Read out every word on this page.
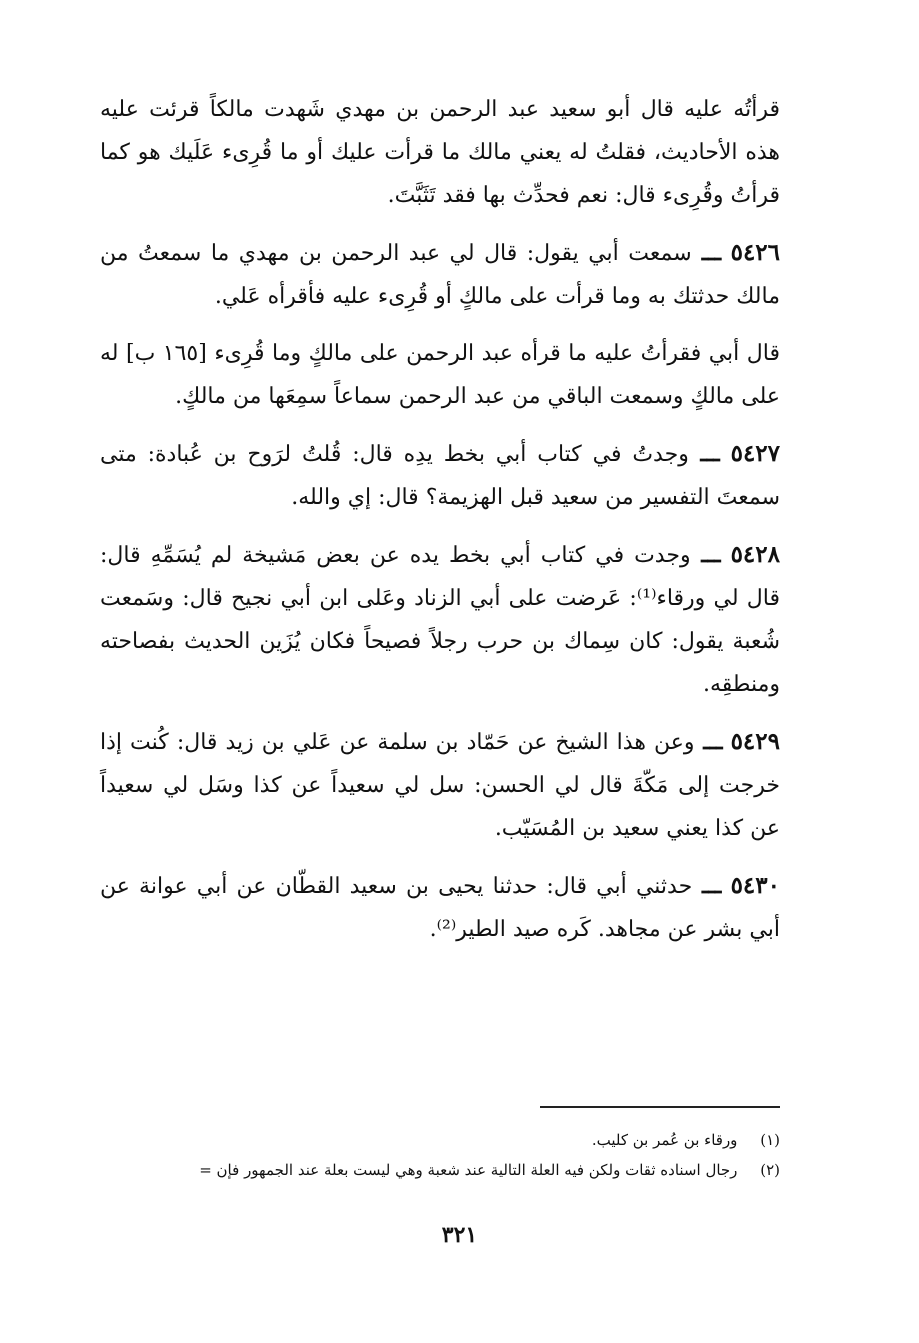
قرأتُه عليه قال أبو سعيد عبد الرحمن بن مهدي شَهدت مالكاً قرئت عليه هذه الأحاديث، فقلتُ له يعني مالك ما قرأت عليك أو ما قُرِىء عَلَيك هو كما قرأتُ وقُرِىء قال: نعم فحدِّث بها فقد تَثَبَّتَ.

٥٤٢٦ ـــ سمعت أبي يقول: قال لي عبد الرحمن بن مهدي ما سمعتُ من مالك حدثتك به وما قرأت على مالكٍ أو قُرِىء عليه فأقرأه عَلي.

قال أبي فقرأتُ عليه ما قرأه عبد الرحمن على مالكٍ وما قُرِىء [١٦٥ ب] له على مالكٍ وسمعت الباقي من عبد الرحمن سماعاً سمِعَها من مالكٍ.

٥٤٢٧ ـــ وجدتُ في كتاب أبي بخط يدِه قال: قُلتُ لرَوح بن عُبادة: متى سمعتَ التفسير من سعيد قبل الهزيمة؟ قال: إي والله.

٥٤٢٨ ـــ وجدت في كتاب أبي بخط يده عن بعض مَشيخة لم يُسَمِّهِ قال: قال لي ورقاء⁽¹⁾: عَرضت على أبي الزناد وعَلى ابن أبي نجيح قال: وسَمعت شُعبة يقول: كان سِماك بن حرب رجلاً فصيحاً فكان يُزَين الحديث بفصاحته ومنطقِه.

٥٤٢٩ ـــ وعن هذا الشيخ عن حَمّاد بن سلمة عن عَلي بن زيد قال: كُنت إذا خرجت إلى مَكّةَ قال لي الحسن: سل لي سعيداً عن كذا وسَل لي سعيداً عن كذا يعني سعيد بن المُسَيّب.

٥٤٣٠ ـــ حدثني أبي قال: حدثنا يحيى بن سعيد القطّان عن أبي عوانة عن أبي بشر عن مجاهد. كَره صيد الطير⁽²⁾.

(١) ورقاء بن عُمر بن كليب.
(٢) رجال اسناده ثقات ولكن فيه العلة التالية عند شعبة وهي ليست بعلة عند الجمهور فإن =
٣٢١
